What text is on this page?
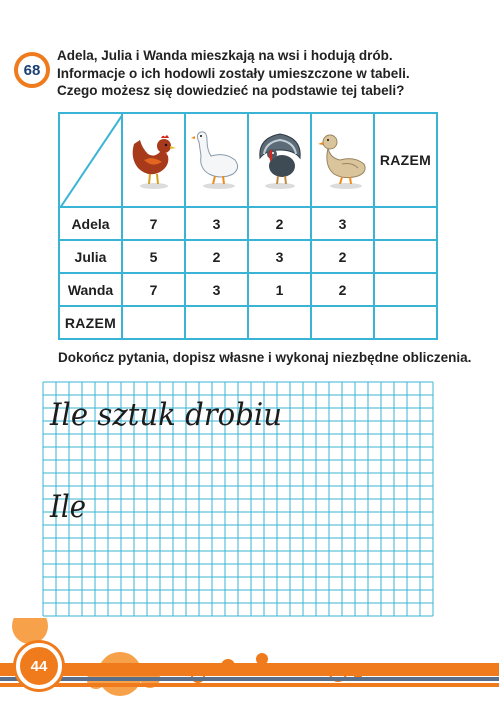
68
Adela, Julia i Wanda mieszkają na wsi i hodują drób.
Informacje o ich hodowli zostały umieszczone w tabeli.
Czego możesz się dowiedzieć na podstawie tej tabeli?
					RAZEM
Adela	7	3	2	3	
Julia	5	2	3	2	
Wanda	7	3	1	2	
RAZEM					
Dokończ pytania, dopisz własne i wykonaj niezbędne obliczenia.
Ile sztuk drobiu
Ile
44
